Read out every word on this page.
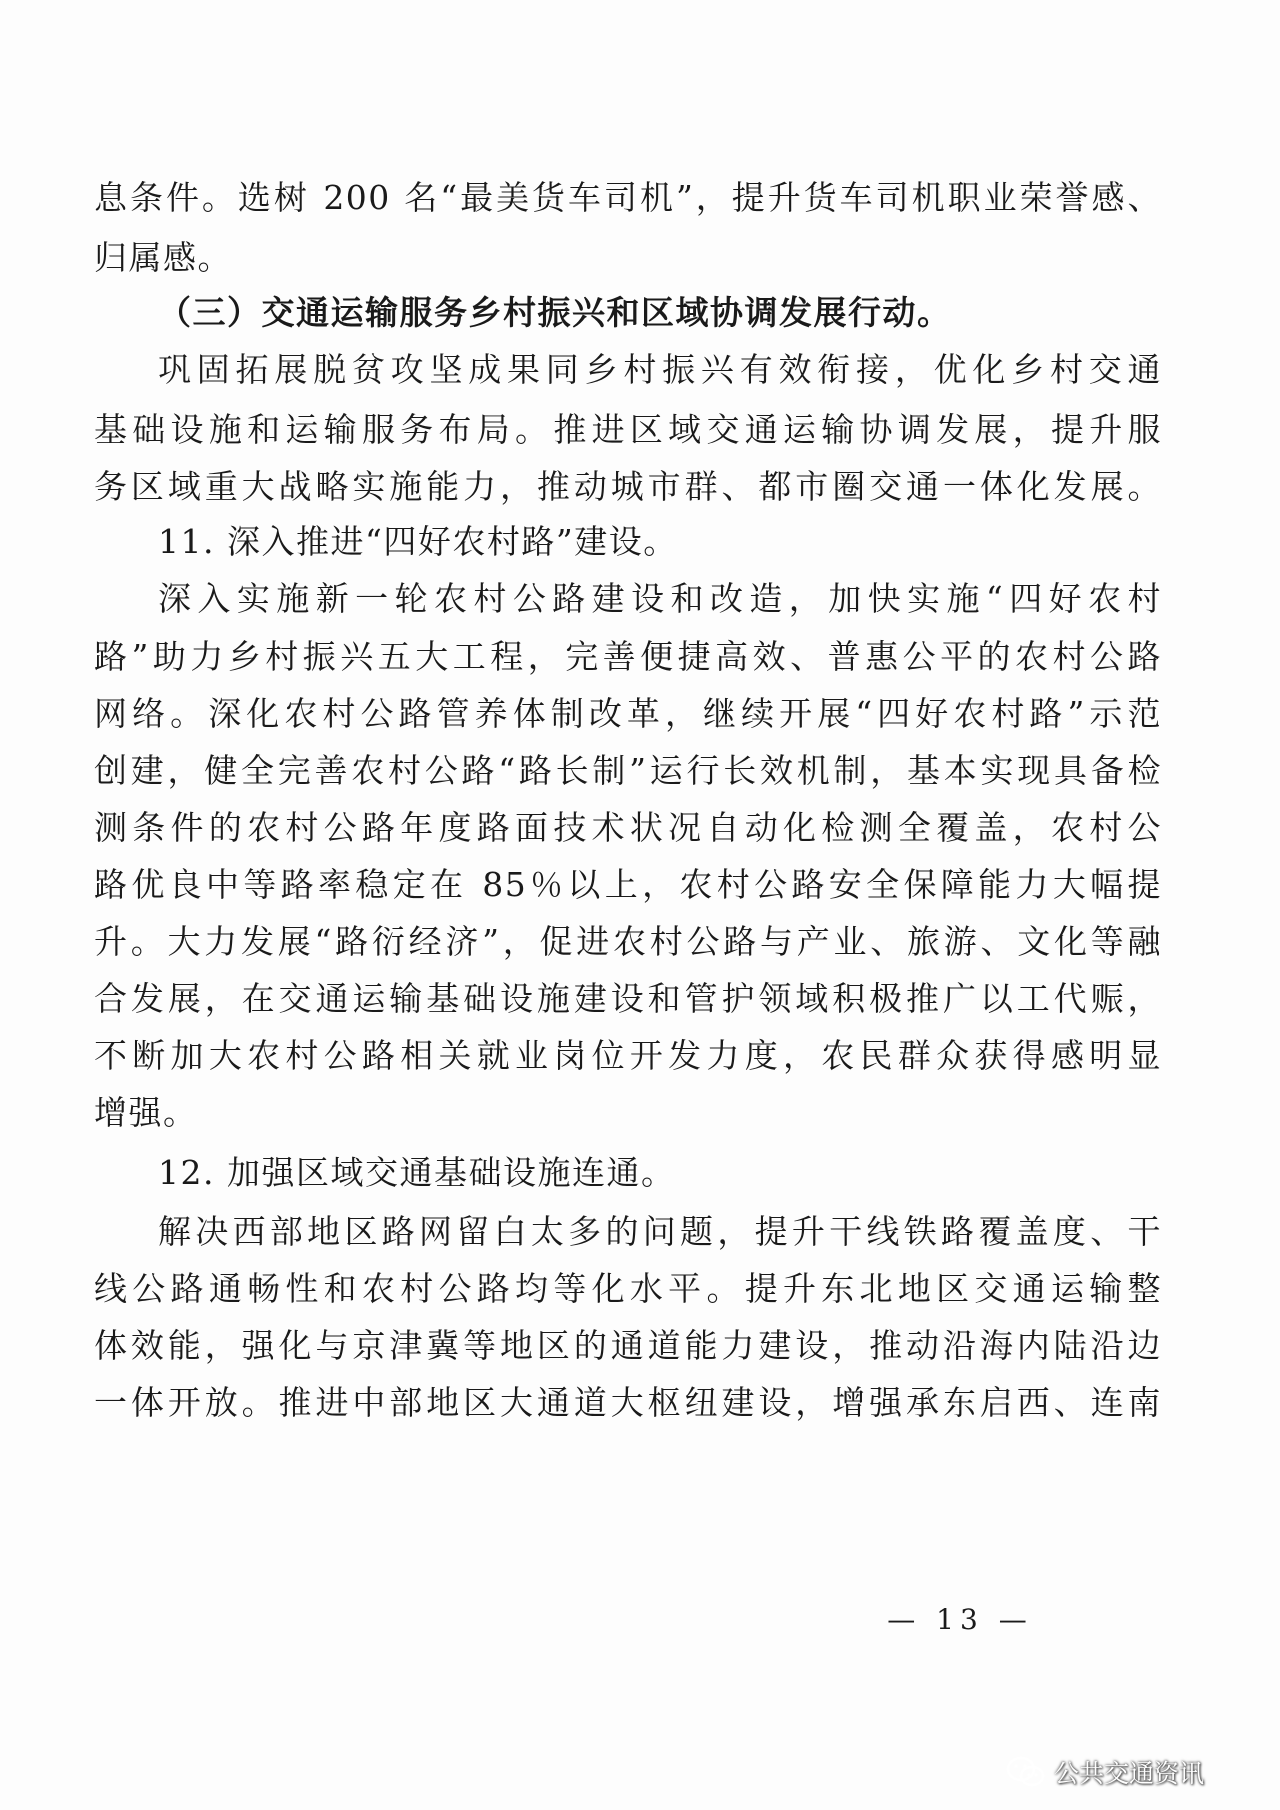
息条件。选树 200 名“最美货车司机”，提升货车司机职业荣誉感、
归属感。
（三）交通运输服务乡村振兴和区域协调发展行动。
巩固拓展脱贫攻坚成果同乡村振兴有效衔接，优化乡村交通
基础设施和运输服务布局。推进区域交通运输协调发展，提升服
务区域重大战略实施能力，推动城市群、都市圈交通一体化发展。
11. 深入推进“四好农村路”建设。
深入实施新一轮农村公路建设和改造，加快实施“四好农村
路”助力乡村振兴五大工程，完善便捷高效、普惠公平的农村公路
网络。深化农村公路管养体制改革，继续开展“四好农村路”示范
创建，健全完善农村公路“路长制”运行长效机制，基本实现具备检
测条件的农村公路年度路面技术状况自动化检测全覆盖，农村公
路优良中等路率稳定在 85％以上，农村公路安全保障能力大幅提
升。大力发展“路衍经济”，促进农村公路与产业、旅游、文化等融
合发展，在交通运输基础设施建设和管护领域积极推广以工代赈，
不断加大农村公路相关就业岗位开发力度，农民群众获得感明显
增强。
12. 加强区域交通基础设施连通。
解决西部地区路网留白太多的问题，提升干线铁路覆盖度、干
线公路通畅性和农村公路均等化水平。提升东北地区交通运输整
体效能，强化与京津冀等地区的通道能力建设，推动沿海内陆沿边
一体开放。推进中部地区大通道大枢纽建设，增强承东启西、连南
— 13 —
公共交通资讯
